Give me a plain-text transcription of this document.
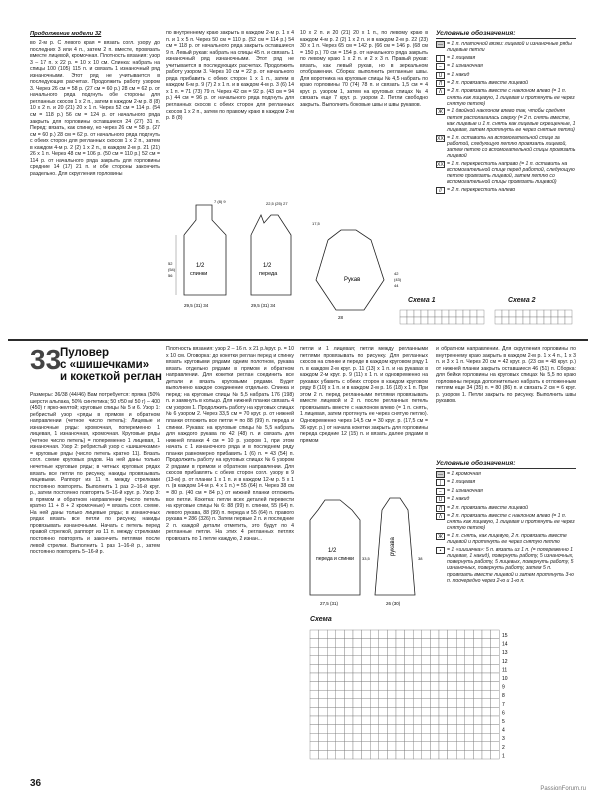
Продолжение модели 32

во 2-м р. С левого края = вязать согл. узору до последних 3 или 4 п., затем 2 п. вместе, провязать вместе лицевой, кромочная. Плотность вязания: узор 3 – 17 п. х 22 р. = 10 х 10 см. Спинка: набрать на спицы 100 (105) 115 п. и связать 1 изнаночный ряд изнаночными. Этот ряд не учитывается в последующих расчетах. Продолжить работу узором 3. Через 26 см = 58 р. (27 см = 60 р.) 28 см = 62 р. от начального ряда подгнуть обе стороны для регланных скосов 1 х 2 п., затем в каждом 2-м р. 8 (8) 10 х 2 п. и 20 (21) 20 х 1 п. Через 52 см = 114 р. (54 см = 118 р.) 56 см = 124 р. от начального ряда закрыть для горловины оставшиеся 24 (27) 31 п. Перед: вязать, как спинку, но через 26 см = 58 р. (27 см = 60 р.) 28 см = 62 р. от начального ряда подгнуть с обеих сторон для регланных скосов 1 х 2 п., затем в каждом 4-м р. 2 (2) 1 х 2 п., в каждом 2-м р. 21 (21) 26 х 1 п. Через 48 см = 106 р. (50 см = 110 р.) 52 см = 114 р. от начального ряда закрыть для горловины средние 14 (17) 21 п. и обе стороны закончить раздельно. Для скругления горловины

по внутреннему краю закрыть в каждом 2-м р. 1 х 4 п. и 1 х 5 п. Через 50 см = 110 р. (52 см = 114 р.) 54 см = 118 р. от начального ряда закрыть оставшиеся 9 п. Левый рукав: набрать на спицы 45 п. и связать 1 изнаночный ряд изнаночными. Этот ряд не учитывается в последующих расчетах. Продолжить работу узором 3. Через 10 см = 22 р. от начального ряда прибавить с обеих сторон 1 х 1 п., затем в каждом 6-м р. 9 (7) 2 х 1 п. и в каждом 4-м р. 3 (6) 14 х 1 п. = 71 (73) 79 п. Через 42 см = 92 р. (43 см = 94 р.) 44 см = 96 р. от начального ряда подгнуть для регланных скосов с обеих сторон для регланных скосов 1 х 2 п., затем по правому краю в каждом 2-м р. 8 (8)

10 х 2 п. и 20 (21) 20 х 1 п., по левому краю в каждом 4-м р. 2 (2) 1 х 2 п. и в каждом 2-м р. 22 (23) 30 х 1 п. Через 65 см = 142 р. (66 см = 146 р. (68 см = 150 р.) 70 см = 154 р. от начального ряда закрыть по левому краю 1 х 2 п. и 2 х 3 п. Правый рукав: вязать, как левый рукав, но в зеркальном отображении. Сборка: выполнить регланные швы. Для воротника на круговые спицы № 4,5 набрать по краю горловины 70 (74) 78 п. и связать 1,5 см = 4 круг. р. узором 1, затем на круговых спицах № 4 связать еще 7 круг. р. узором 2. Петли свободно закрыть. Выполнить боковые швы и швы рукавов.

Условные обозначения:
— = 1 п. платочной вязки: лицевой и изнаночные ряды лицевые петли
|	= 1 лицевая
− = 1 изнаночная
U = 1 накид
Л = 2 п. провязать вместе лицевой
Λ = 2 п. провязать вместе с наклоном влево (= 1 п. снять как лицевую, 1 лицевая и протянуть ее через снятую петлю)
Ж = 1 двойной наклоном влево так, чтобы средняя петля располагалась сверху (= 2 п. снять вместе, как лицевые и 1 п. снять как лицевые скрещенные, 1 лицевая, затем протянуть ее через снятые петли)
XX = 1 п. оставить на вспомогательной спице за работой, следующую петлю провязать лицевой, затем петлю со вспомогательной спицы провязать лицевой
XX = 1 п. перекрестить направо (= 1 п. оставить на вспомогательной спице перед работой, следующую петлю провязать лицевой, затем петлю со вспомогательной спицы провязать лицевой)
//	= 2 п. перекрестить налево
1/2
спинки
29,5 (31) 34
52
(54)
56
7 (8) 9
1/2
переда
29,5 (31) 34
22,5 (25) 27
Рукав
28
42
(43)
44
17,5
Схема 1	Схема 2
33
Пуловер
с «шишечками»
и кокеткой реглан

Размеры: 36/38 (44/46) Вам потребуется: пряжа (50% шерсти альпака, 50% синтетика; 50 г/50 м/ 50 г) – 400 (450) г ярко-желтой; круговые спицы № 5 и 6. Узор 1: ребристый узор «ряды в прямом и обратном направлении (четное число петель): Лицевые и изнаночные ряды: кромочная, попеременно 1 лицевая, 1 изнаночная, кромочная. Круговые ряды (четное число петель) = попеременно 1 лицевая, 1 изнаночная. Узор 2: ребристый узор с «шишечками» = круговые ряды (число петель кратно 11). Вязать согл. схеме круговых рядов. На ней даны только нечетные круговые ряды; в четных круговых рядах вязать все петли по рисунку, накиды провязывать лицевыми. Раппорт из 11 п. между стрелками постоянно повторять. Выполнить 1 раз 2–16-й круг. р., затем постоянно повторять 5–16-й круг. р. Узор 3: в прямом и обратном направлении (число петель кратно 11 + 8 + 2 кромочные) = вязать согл. схеме. На ней даны только лицевые ряды; в изнаночных рядах вязать все петли по рисунку, накиды провязывать изнаночными. Начать с петель перед правой стрелкой, раппорт из 11 п. между стрелками постоянно повторять и закончить петлями после левой стрелки. Выполнить 1 раз 1–16-й р., затем постоянно повторять 5–16-й р.

Плотность вязания: узор 2 – 16 п. х 21 р./круг. р. = 10 х 10 см. Оговорка: до кокетки реглан перед и спинку вязать круговыми рядами одним полотном, рукава вязать отдельно рядами в прямом и обратном направлении. Для кокетки реглан соединить все детали и вязать круговыми рядами. Будет выполнено каждое соединение отдельно. Спинка и перед: на круговые спицы № 5,5 набрать 176 (198) п. и замкнуть в кольцо. Для нижней планки связать 4 см узором 1. Продолжить работу на круговых спицах № 6 узором 2. Через 33,5 см = 70 круг. р. от нижней планки отложить все петли = по 88 (99) п. переда и спинки. Рукава: на круговые спицы № 5,5 набрать для каждого рукава по 42 (48) п. и связать для нижней планки 4 см = 10 р. узором 1, при этом начать с 1 изнаночного ряда и в последнем ряду планки равномерно прибавить 1 (6) п. = 43 (54) п. Продолжить работу на круговых спицах № 6 узором 2 рядами в прямом и обратном направлении. Для скосов прибавлять с обеих сторон согл. узору в 9 (13-м) р. от планки 1 х 1 п. и в каждом 12-м р. 5 х 1 п. (в каждом 14-м р. 4 х 1 п.) = 55 (64) п. Через 38 см = 80 р. (40 см = 84 р.) от нижней планки отложить все петли. Кокетка: петли всех деталей перевести на круговые спицы № 6: 88 (99) п. спинки, 55 (64) п. левого рукава, 88 (99) п. переда и 55 (64) п. правого рукава = 286 (326) п. Затем первые 2 п. и последние 2 п. каждой детали отметить, это будут по 4 регланные петли. На этих 4 регланных петлях провязать по 1 петле каждую, 2 изнан...

петли и 1 лицевая; петли между регланными петлями провязывать по рисунку. Для регланных скосов на спинке и переде в каждом круговом ряду 1 п. в каждом 2-м круг. р. 11 (13) х 1 п. и на рукавах в каждом 2-м круг. р. 9 (11) х 1 п. и одновременно на рукавах убавить с обеих сторон в каждом круговом ряду 8 (10) х 1 п. и в каждом 2-м р. 16 (18) х 1 п. При этом 2 п. перед регланными петлями провязывать вместе лицевой и 2 п. после регланных петель провязывать вместе с наклоном влево (= 1 п. снять, 1 лицевая, затем протянуть ее через снятую петлю). Одновременно через 14,5 см = 30 круг. р. (17,5 см = 36 круг. р.) от начала кокетки закрыть для горловины переда средние 12 (15) п. и вязать далее рядами в прямом

и обратном направлении. Для скругления горловины по внутреннему краю закрыть в каждом 2-м р. 1 х 4 п., 1 х 3 п. и 3 х 1 п. Через 20 см = 42 круг. р. (23 см = 48 круг. р.) от нижней планки закрыть оставшиеся 46 (51) п. Сборка: для бейки горловины на круговых спицах № 5,5 по краю горловины переда дополнительно набрать к отложенным петлям еще 34 (35) п. = 80 (86) п. и связать 2 см = 6 круг. р. узором 1. Петли закрыть по рисунку. Выполнить швы рукавов.

Условные обозначения:
— = 1 кромочная
|	= 1 лицевая
− = 1 изнаночная
U = 1 накид
Л = 2 п. провязать вместе лицевой
Λ = 2 п. провязать вместе с наклоном влево (= 1 п. снять как лицевую, 1 лицевая и протянуть ее через снятую петлю)
Ж = 1 п. снять, как лицевую, 2 п. провязать вместе лицевой и протянуть ее через снятую петлю
•	= 1 «шишечка»: 5 п. вязать из 1 п. (= попеременно 1 лицевая, 1 накид), повернуть работу, 5 изнаночных, повернуть работу, 5 лицевых, повернуть работу, 5 изнаночных, повернуть работу, затем 5 п. провязать вместе лицевой и затем протянуть 3-ю п. поочередно через 2-ю и 1-ю п.
1/2
переда и спинки
27,5 (31)
33,5
рукава
26 (30)
38
Схема
15
14
13
12
11
10
9
8
7
6
5
4
3
2
1
36	PassionForum.ru
